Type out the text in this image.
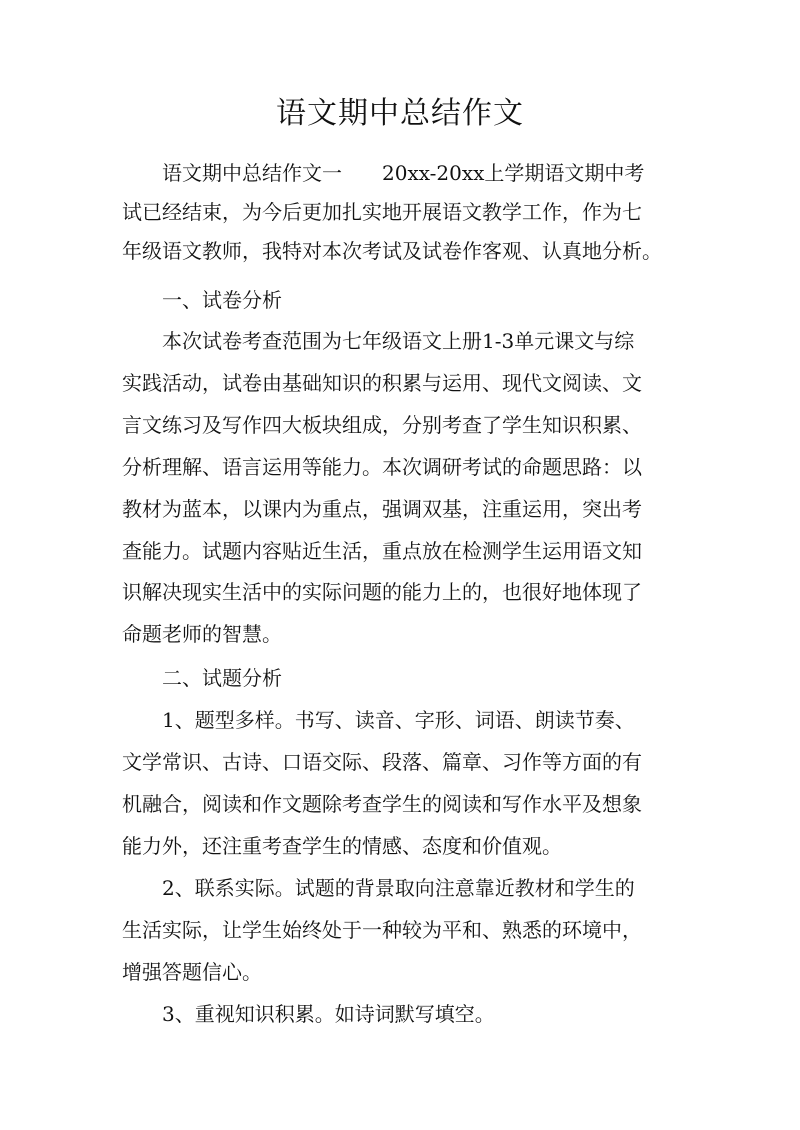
语文期中总结作文
语文期中总结作文一　　20xx-20xx上学期语文期中考
试已经结束，为今后更加扎实地开展语文教学工作，作为七
年级语文教师，我特对本次考试及试卷作客观、认真地分析。
一、试卷分析
本次试卷考查范围为七年级语文上册1-3单元课文与综
实践活动，试卷由基础知识的积累与运用、现代文阅读、文
言文练习及写作四大板块组成，分别考查了学生知识积累、
分析理解、语言运用等能力。本次调研考试的命题思路：以
教材为蓝本，以课内为重点，强调双基，注重运用，突出考
查能力。试题内容贴近生活，重点放在检测学生运用语文知
识解决现实生活中的实际问题的能力上的，也很好地体现了
命题老师的智慧。
二、试题分析
1、题型多样。书写、读音、字形、词语、朗读节奏、
文学常识、古诗、口语交际、段落、篇章、习作等方面的有
机融合，阅读和作文题除考查学生的阅读和写作水平及想象
能力外，还注重考查学生的情感、态度和价值观。
2、联系实际。试题的背景取向注意靠近教材和学生的
生活实际，让学生始终处于一种较为平和、熟悉的环境中，
增强答题信心。
3、重视知识积累。如诗词默写填空。
